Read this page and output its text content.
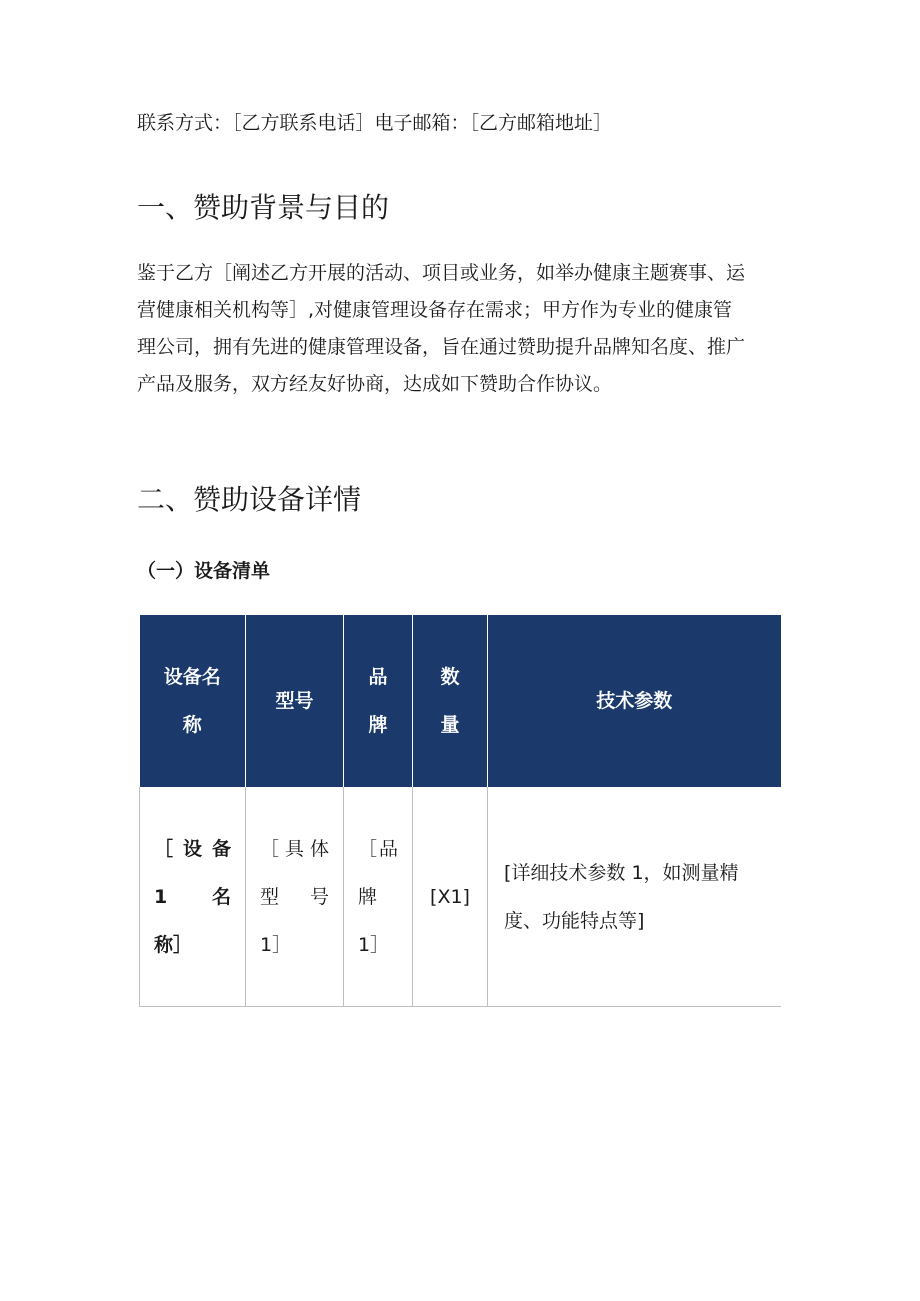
联系方式：［乙方联系电话］电子邮箱：［乙方邮箱地址］
一、赞助背景与目的
鉴于乙方［阐述乙方开展的活动、项目或业务，如举办健康主题赛事、运
营健康相关机构等］,对健康管理设备存在需求；甲方作为专业的健康管
理公司，拥有先进的健康管理设备，旨在通过赞助提升品牌知名度、推广
产品及服务，双方经友好协商，达成如下赞助合作协议。
二、赞助设备详情
（一）设备清单
设备名
称	型号	品
牌	数
量	技术参数

［设备
1　名
称］	［具体
型　号
1］	［品
牌
1］	[X1]	[详细技术参数 1，如测量精
度、功能特点等]
